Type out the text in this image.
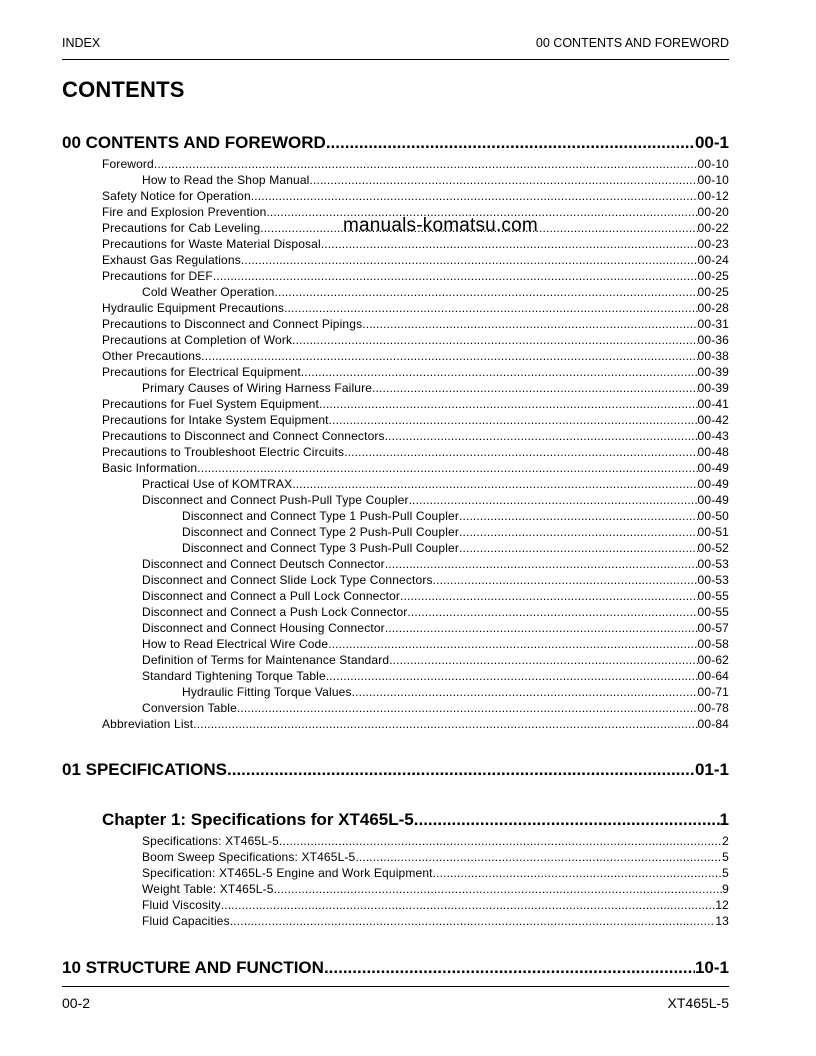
INDEX	00 CONTENTS AND FOREWORD
CONTENTS
00 CONTENTS AND FOREWORD .....	00-1
Foreword .....	00-10
How to Read the Shop Manual .....	00-10
Safety Notice for Operation .....	00-12
Fire and Explosion Prevention .....	00-20
Precautions for Cab Leveling .....	00-22
Precautions for Waste Material Disposal .....	00-23
Exhaust Gas Regulations .....	00-24
Precautions for DEF .....	00-25
Cold Weather Operation .....	00-25
Hydraulic Equipment Precautions .....	00-28
Precautions to Disconnect and Connect Pipings .....	00-31
Precautions at Completion of Work .....	00-36
Other Precautions .....	00-38
Precautions for Electrical Equipment .....	00-39
Primary Causes of Wiring Harness Failure .....	00-39
Precautions for Fuel System Equipment .....	00-41
Precautions for Intake System Equipment .....	00-42
Precautions to Disconnect and Connect Connectors .....	00-43
Precautions to Troubleshoot Electric Circuits .....	00-48
Basic Information .....	00-49
Practical Use of KOMTRAX .....	00-49
Disconnect and Connect Push-Pull Type Coupler .....	00-49
Disconnect and Connect Type 1 Push-Pull Coupler .....	00-50
Disconnect and Connect Type 2 Push-Pull Coupler .....	00-51
Disconnect and Connect Type 3 Push-Pull Coupler .....	00-52
Disconnect and Connect Deutsch Connector .....	00-53
Disconnect and Connect Slide Lock Type Connectors .....	00-53
Disconnect and Connect a Pull Lock Connector .....	00-55
Disconnect and Connect a Push Lock Connector .....	00-55
Disconnect and Connect Housing Connector .....	00-57
How to Read Electrical Wire Code .....	00-58
Definition of Terms for Maintenance Standard .....	00-62
Standard Tightening Torque Table .....	00-64
Hydraulic Fitting Torque Values .....	00-71
Conversion Table .....	00-78
Abbreviation List .....	00-84
01 SPECIFICATIONS .....	01-1
Chapter 1: Specifications for XT465L-5 .....	1
Specifications: XT465L-5 .....	2
Boom Sweep Specifications: XT465L-5 .....	5
Specification: XT465L-5 Engine and Work Equipment .....	5
Weight Table: XT465L-5 .....	9
Fluid Viscosity .....	12
Fluid Capacities .....	13
10 STRUCTURE AND FUNCTION .....	10-1
manuals-komatsu.com
00-2	XT465L-5
